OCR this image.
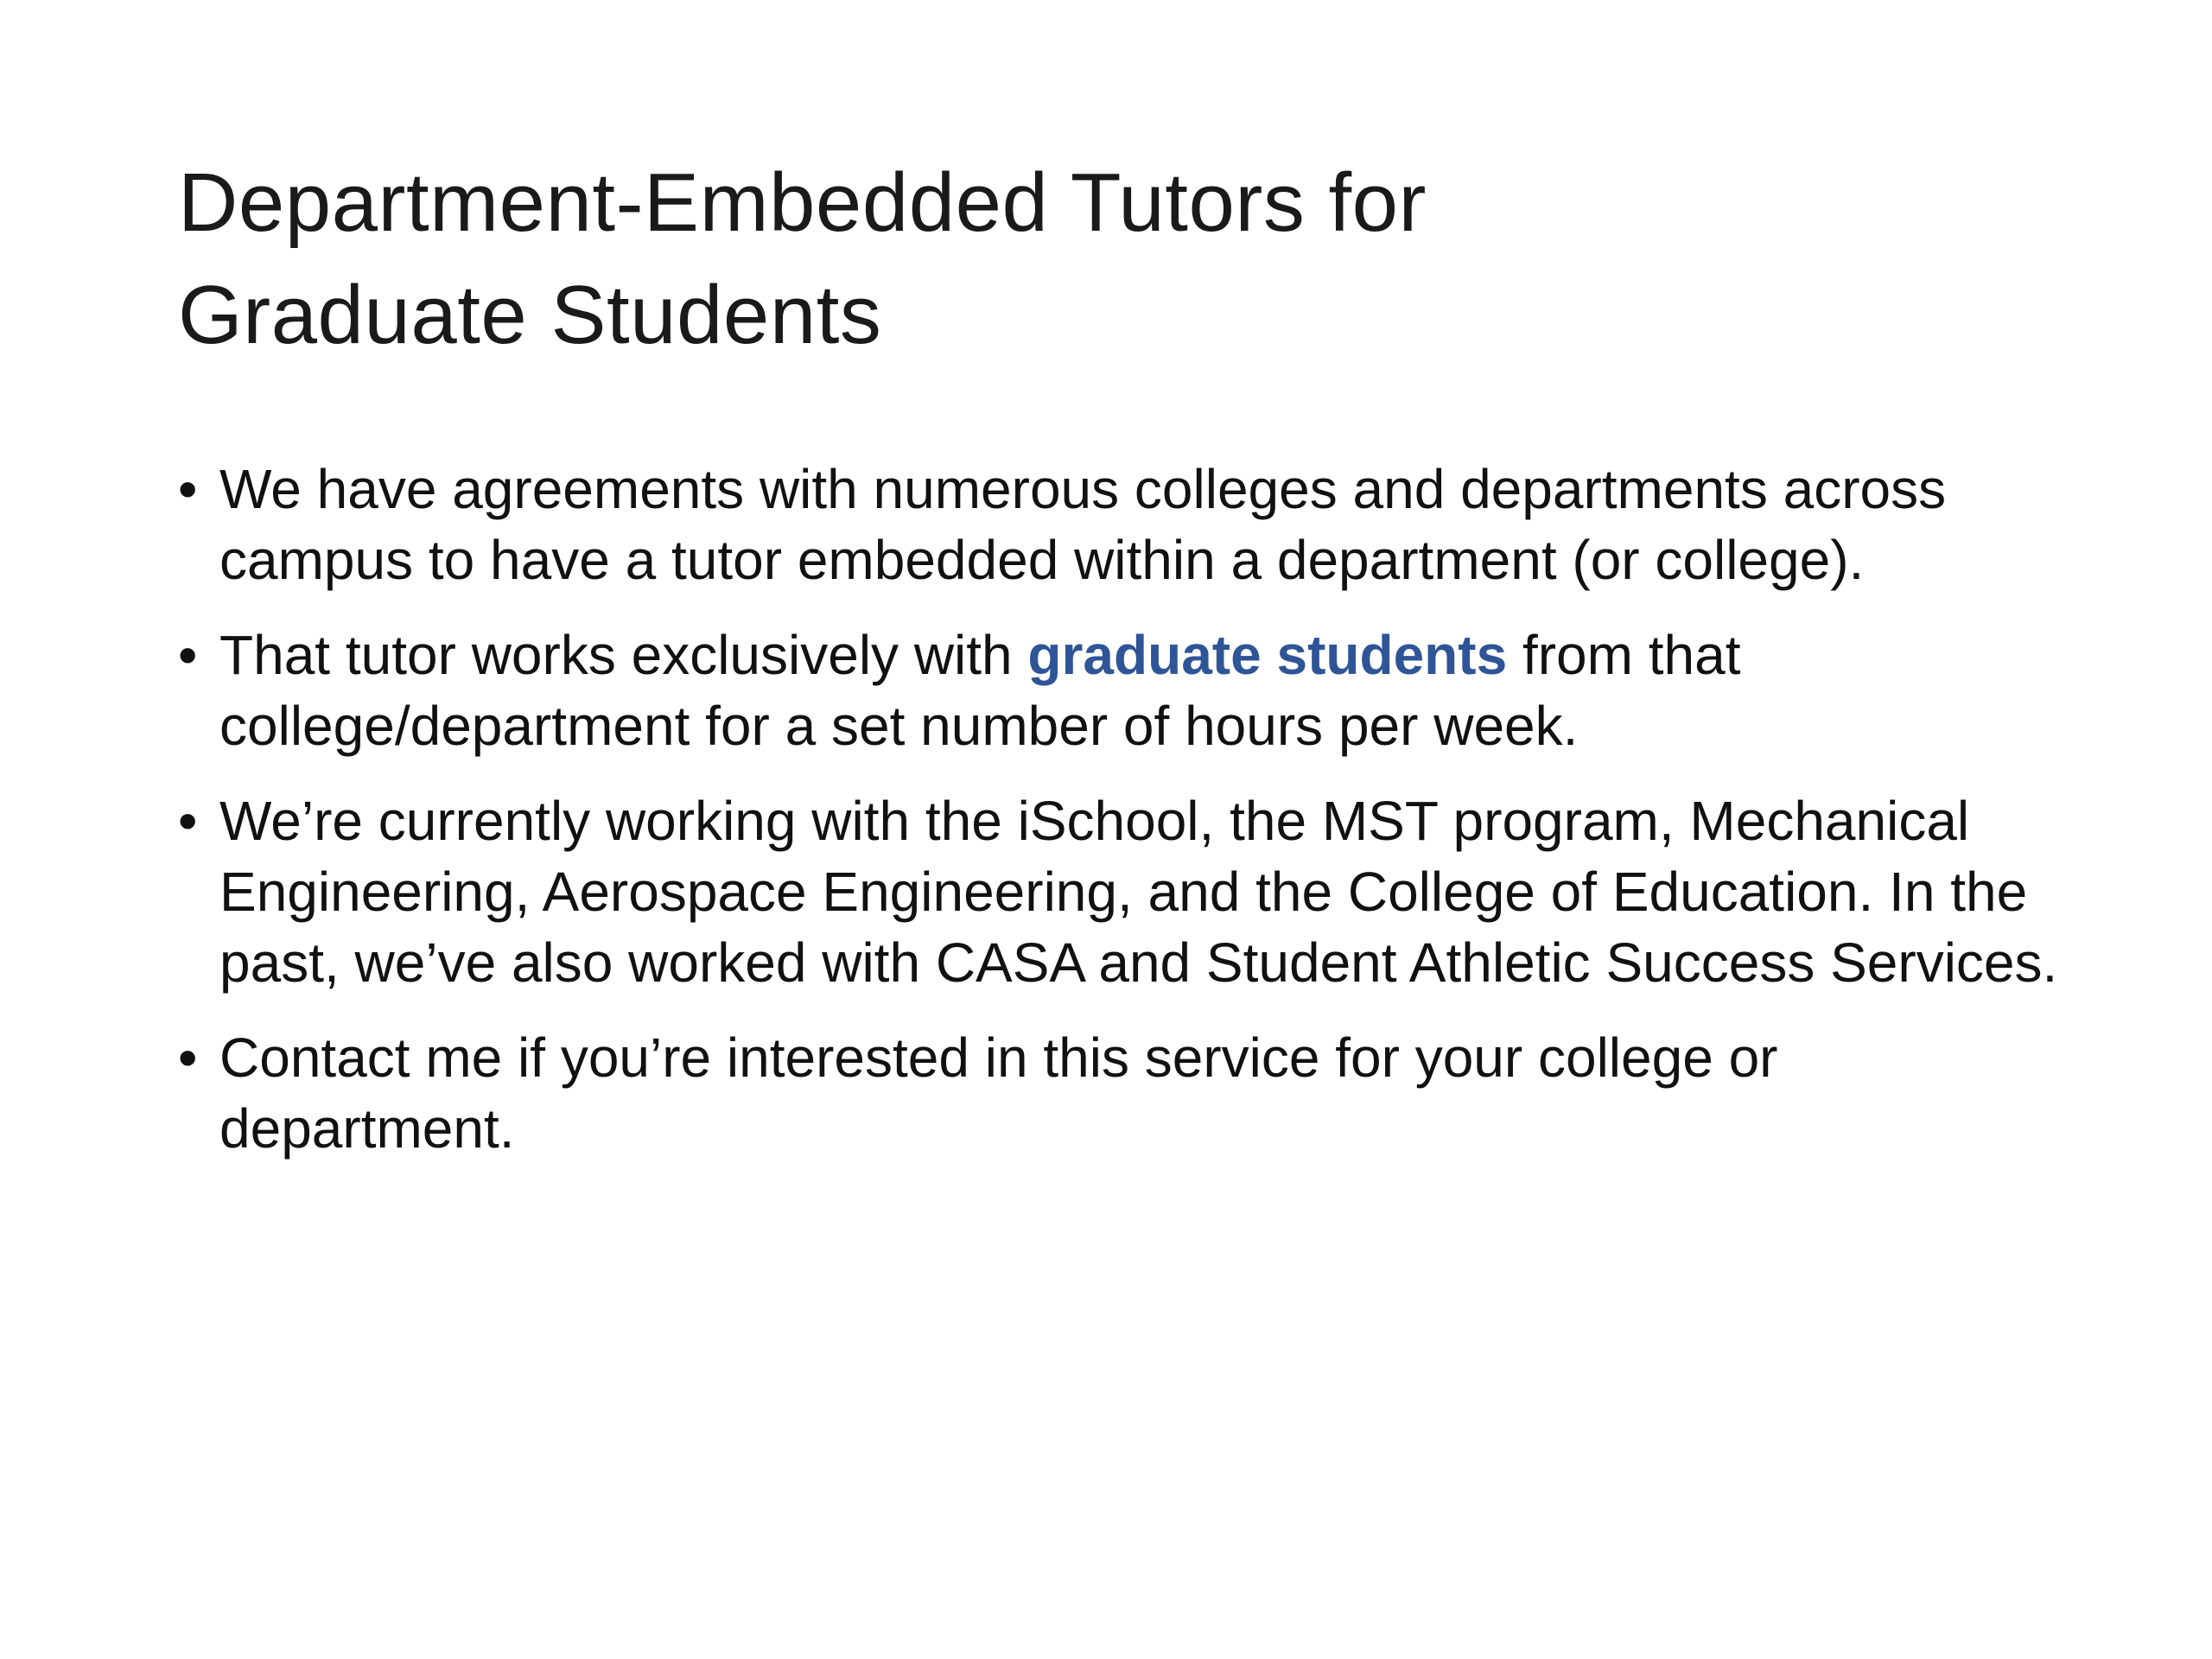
Department-Embedded Tutors for
Graduate Students
• We have agreements with numerous colleges and departments across campus to have a tutor embedded within a department (or college).
• That tutor works exclusively with graduate students from that college/department for a set number of hours per week.
• We’re currently working with the iSchool, the MST program, Mechanical Engineering, Aerospace Engineering, and the College of Education. In the past, we’ve also worked with CASA and Student Athletic Success Services.
• Contact me if you’re interested in this service for your college or department.
